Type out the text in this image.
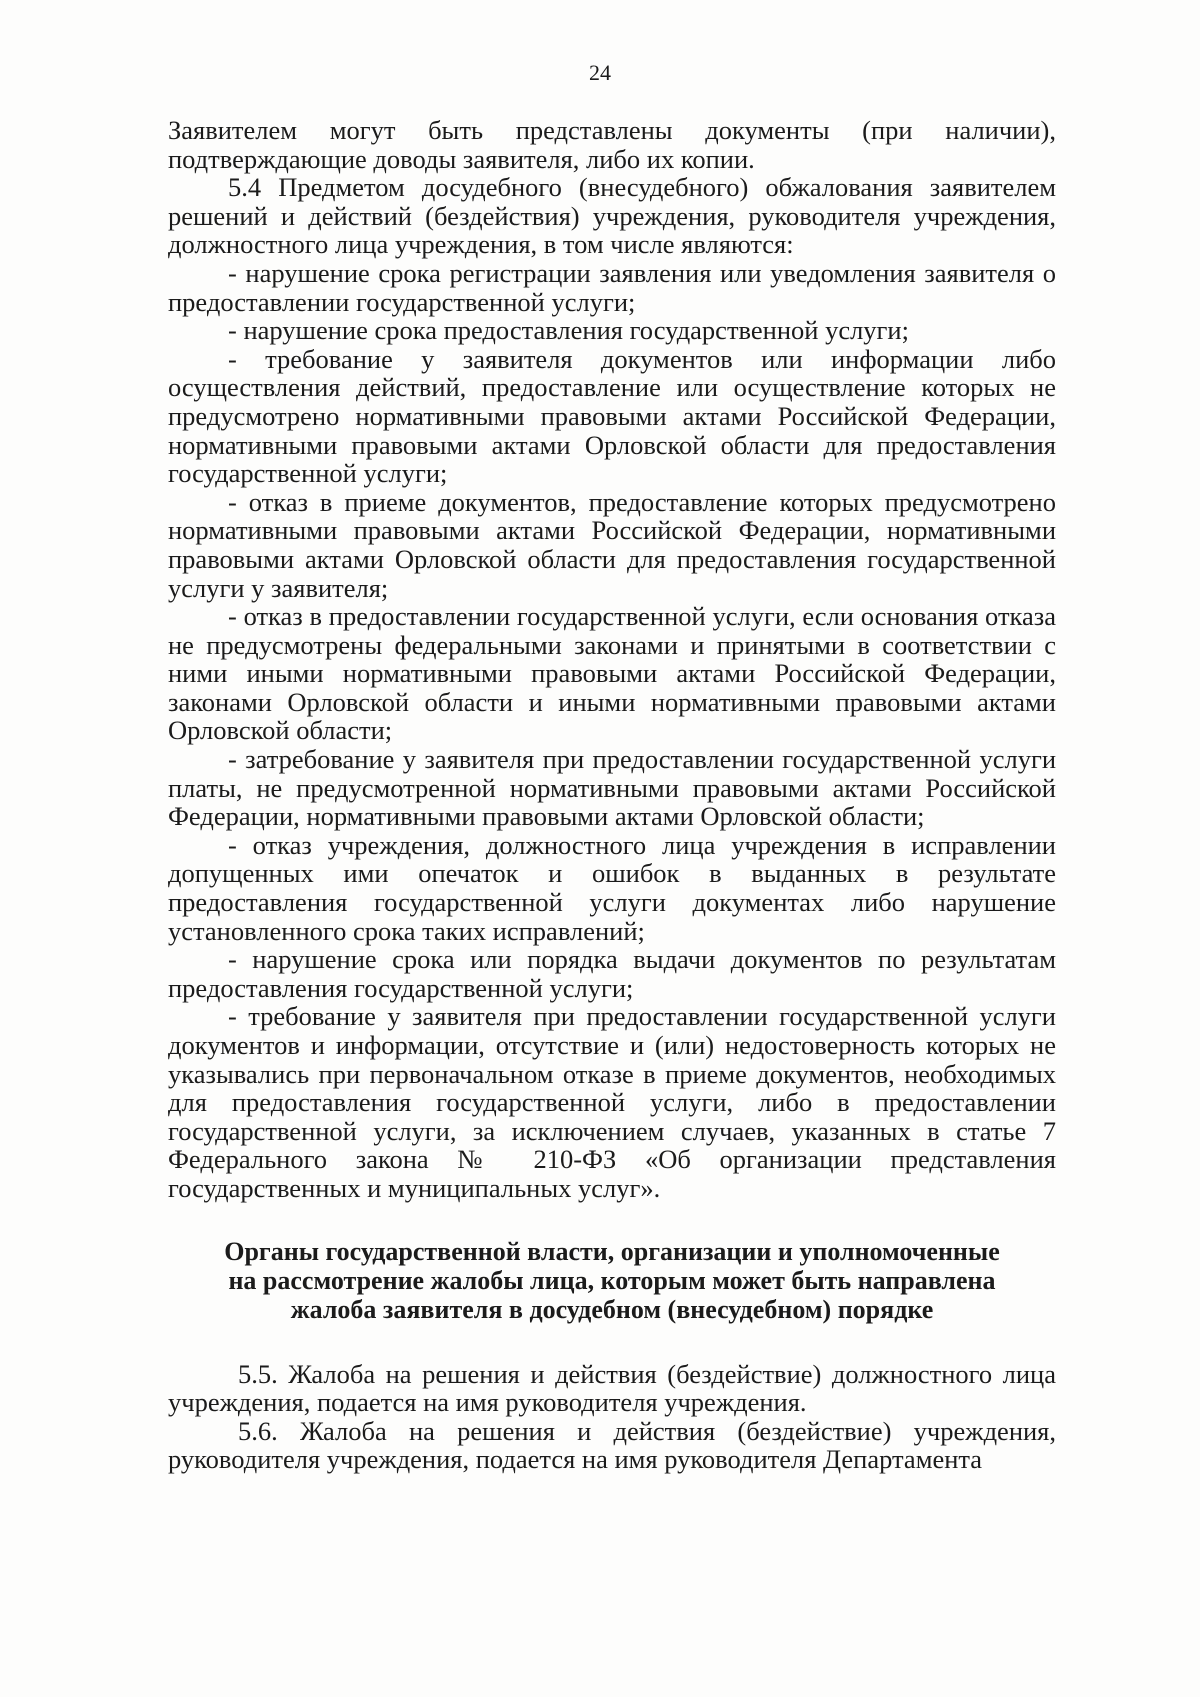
24

Заявителем могут быть представлены документы (при наличии), подтверждающие доводы заявителя, либо их копии.

5.4 Предметом досудебного (внесудебного) обжалования заявителем решений и действий (бездействия) учреждения, руководителя учреждения, должностного лица учреждения, в том числе являются:

- нарушение срока регистрации заявления или уведомления заявителя о предоставлении государственной услуги;

- нарушение срока предоставления государственной услуги;

- требование у заявителя документов или информации либо осуществления действий, предоставление или осуществление которых не предусмотрено нормативными правовыми актами Российской Федерации, нормативными правовыми актами Орловской области для предоставления государственной услуги;

- отказ в приеме документов, предоставление которых предусмотрено нормативными правовыми актами Российской Федерации, нормативными правовыми актами Орловской области для предоставления государственной услуги у заявителя;

- отказ в предоставлении государственной услуги, если основания отказа не предусмотрены федеральными законами и принятыми в соответствии с ними иными нормативными правовыми актами Российской Федерации, законами Орловской области и иными нормативными правовыми актами Орловской области;

- затребование у заявителя при предоставлении государственной услуги платы, не предусмотренной нормативными правовыми актами Российской Федерации, нормативными правовыми актами Орловской области;

- отказ учреждения, должностного лица учреждения в исправлении допущенных ими опечаток и ошибок в выданных в результате предоставления государственной услуги документах либо нарушение установленного срока таких исправлений;

- нарушение срока или порядка выдачи документов по результатам предоставления государственной услуги;

- требование у заявителя при предоставлении государственной услуги документов и информации, отсутствие и (или) недостоверность которых не указывались при первоначальном отказе в приеме документов, необходимых для предоставления государственной услуги, либо в предоставлении государственной услуги, за исключением случаев, указанных в статье 7 Федерального закона № 210-ФЗ «Об организации представления государственных и муниципальных услуг».

Органы государственной власти, организации и уполномоченные на рассмотрение жалобы лица, которым может быть направлена жалоба заявителя в досудебном (внесудебном) порядке

5.5. Жалоба на решения и действия (бездействие) должностного лица учреждения, подается на имя руководителя учреждения.

5.6. Жалоба на решения и действия (бездействие) учреждения, руководителя учреждения, подается на имя руководителя Департамента
